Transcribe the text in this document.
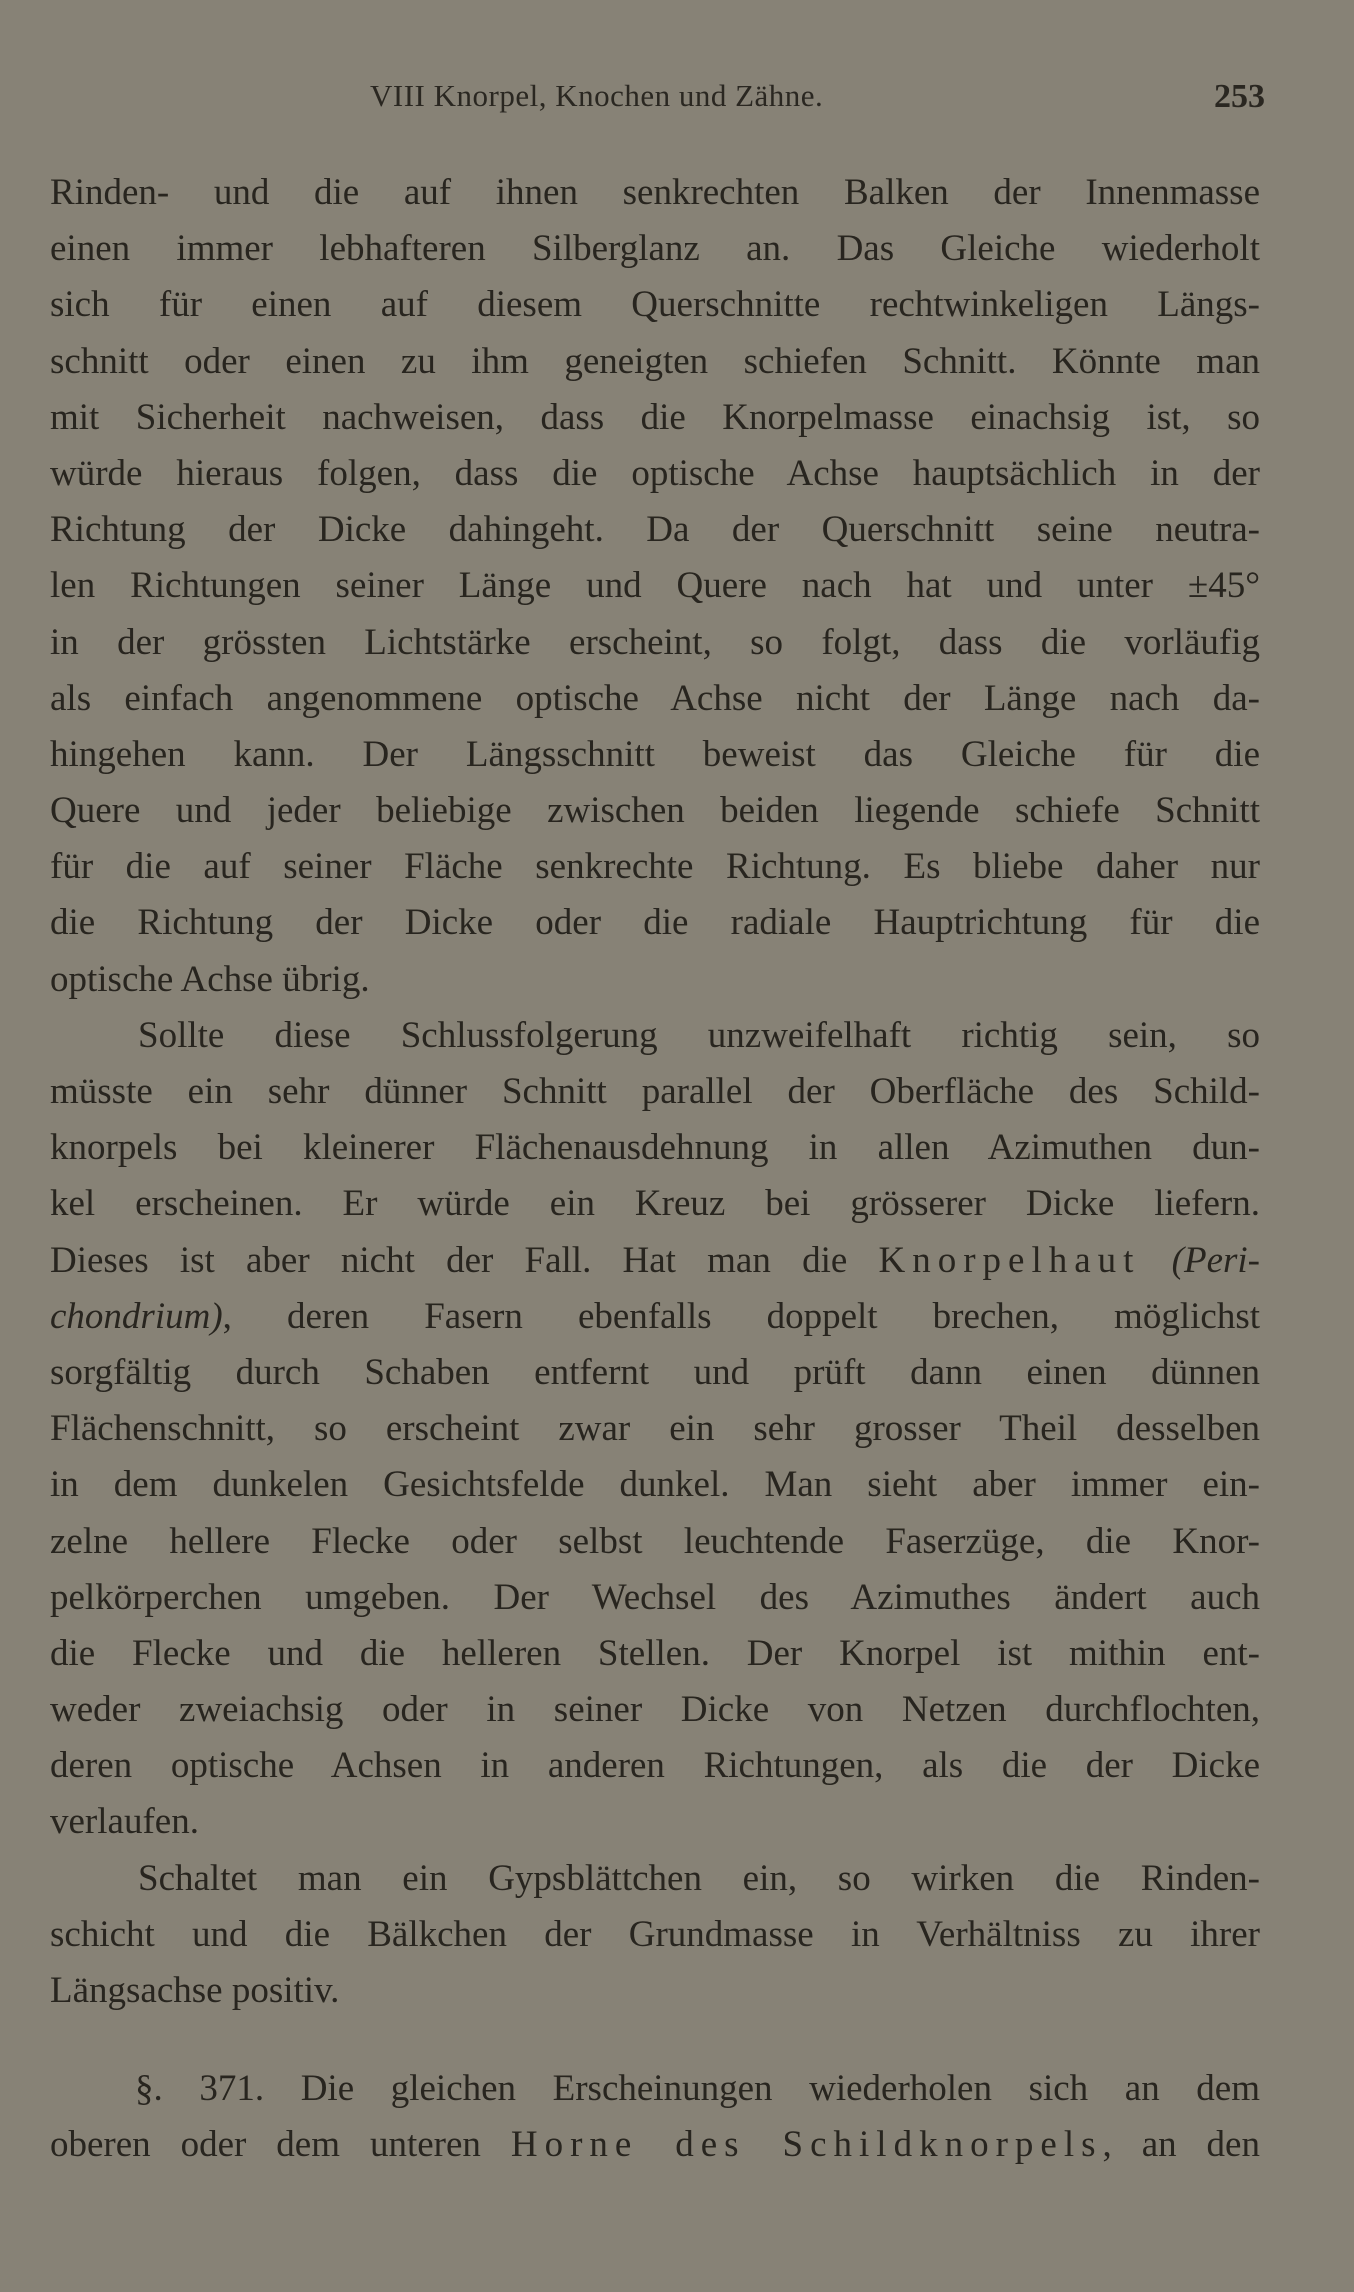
VIII Knorpel, Knochen und Zähne.	253
Rinden- und die auf ihnen senkrechten Balken der Innenmasse
einen immer lebhafteren Silberglanz an. Das Gleiche wiederholt
sich für einen auf diesem Querschnitte rechtwinkeligen Längs-
schnitt oder einen zu ihm geneigten schiefen Schnitt. Könnte man
mit Sicherheit nachweisen, dass die Knorpelmasse einachsig ist, so
würde hieraus folgen, dass die optische Achse hauptsächlich in der
Richtung der Dicke dahingeht. Da der Querschnitt seine neutra-
len Richtungen seiner Länge und Quere nach hat und unter ±45°
in der grössten Lichtstärke erscheint, so folgt, dass die vorläufig
als einfach angenommene optische Achse nicht der Länge nach da-
hingehen kann. Der Längsschnitt beweist das Gleiche für die
Quere und jeder beliebige zwischen beiden liegende schiefe Schnitt
für die auf seiner Fläche senkrechte Richtung. Es bliebe daher nur
die Richtung der Dicke oder die radiale Hauptrichtung für die
optische Achse übrig.
Sollte diese Schlussfolgerung unzweifelhaft richtig sein, so
müsste ein sehr dünner Schnitt parallel der Oberfläche des Schild-
knorpels bei kleinerer Flächenausdehnung in allen Azimuthen dun-
kel erscheinen. Er würde ein Kreuz bei grösserer Dicke liefern.
Dieses ist aber nicht der Fall. Hat man die Knorpelhaut (Peri-
chondrium), deren Fasern ebenfalls doppelt brechen, möglichst
sorgfältig durch Schaben entfernt und prüft dann einen dünnen
Flächenschnitt, so erscheint zwar ein sehr grosser Theil desselben
in dem dunkelen Gesichtsfelde dunkel. Man sieht aber immer ein-
zelne hellere Flecke oder selbst leuchtende Faserzüge, die Knor-
pelkörperchen umgeben. Der Wechsel des Azimuthes ändert auch
die Flecke und die helleren Stellen. Der Knorpel ist mithin ent-
weder zweiachsig oder in seiner Dicke von Netzen durchflochten,
deren optische Achsen in anderen Richtungen, als die der Dicke
verlaufen.
Schaltet man ein Gypsblättchen ein, so wirken die Rinden-
schicht und die Bälkchen der Grundmasse in Verhältniss zu ihrer
Längsachse positiv.
§. 371. Die gleichen Erscheinungen wiederholen sich an dem
oberen oder dem unteren Horne des Schildknorpels, an den
